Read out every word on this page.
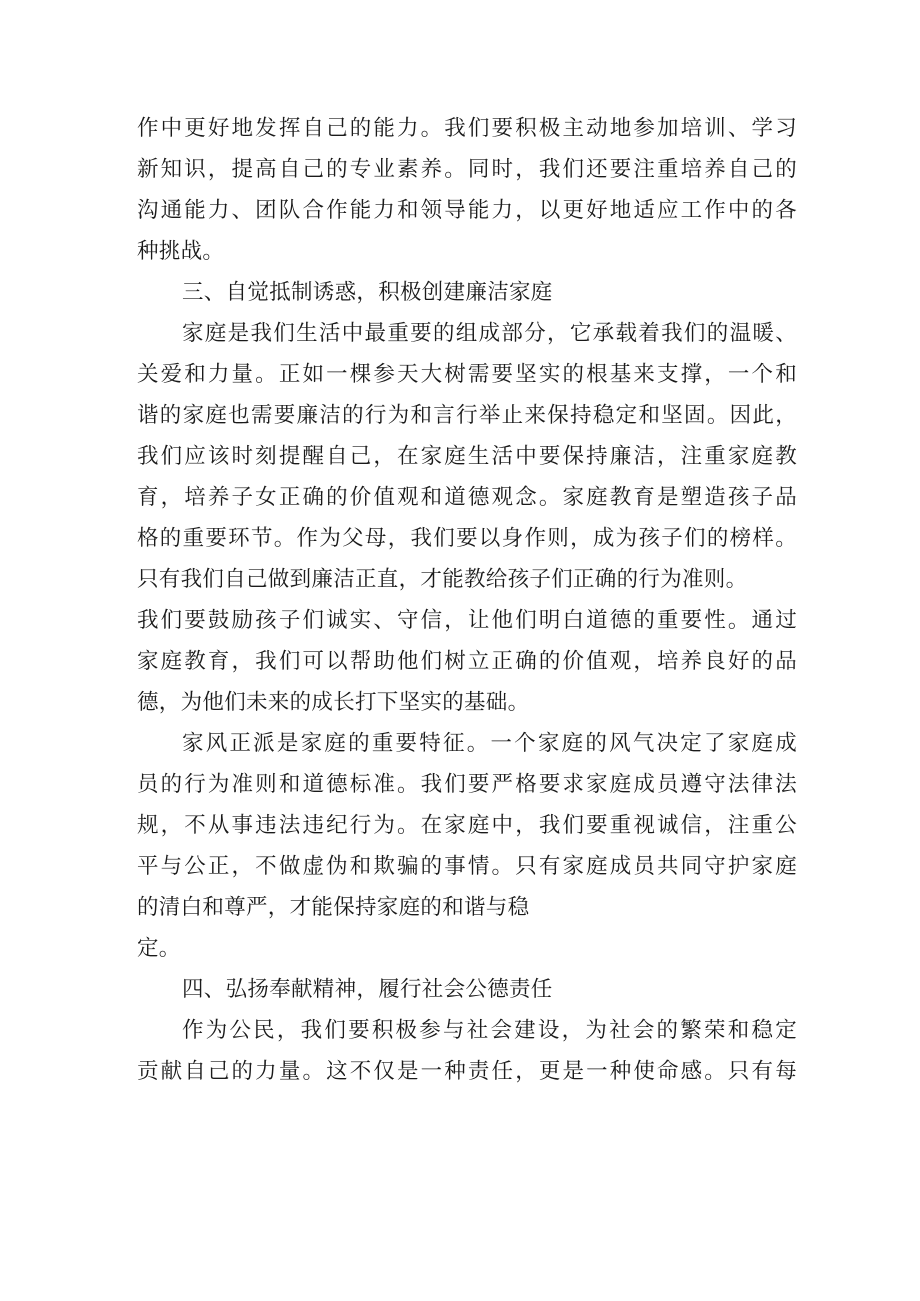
作中更好地发挥自己的能力。我们要积极主动地参加培训、学习
新知识，提高自己的专业素养。同时，我们还要注重培养自己的
沟通能力、团队合作能力和领导能力，以更好地适应工作中的各
种挑战。
三、自觉抵制诱惑，积极创建廉洁家庭
家庭是我们生活中最重要的组成部分，它承载着我们的温暖、
关爱和力量。正如一棵参天大树需要坚实的根基来支撑，一个和
谐的家庭也需要廉洁的行为和言行举止来保持稳定和坚固。因此，
我们应该时刻提醒自己，在家庭生活中要保持廉洁，注重家庭教
育，培养子女正确的价值观和道德观念。家庭教育是塑造孩子品
格的重要环节。作为父母，我们要以身作则，成为孩子们的榜样。
只有我们自己做到廉洁正直，才能教给孩子们正确的行为准则。
我们要鼓励孩子们诚实、守信，让他们明白道德的重要性。通过
家庭教育，我们可以帮助他们树立正确的价值观，培养良好的品
德，为他们未来的成长打下坚实的基础。
家风正派是家庭的重要特征。一个家庭的风气决定了家庭成
员的行为准则和道德标准。我们要严格要求家庭成员遵守法律法
规，不从事违法违纪行为。在家庭中，我们要重视诚信，注重公
平与公正，不做虚伪和欺骗的事情。只有家庭成员共同守护家庭
的清白和尊严，才能保持家庭的和谐与稳
定。
四、弘扬奉献精神，履行社会公德责任
作为公民，我们要积极参与社会建设，为社会的繁荣和稳定
贡献自己的力量。这不仅是一种责任，更是一种使命感。只有每
